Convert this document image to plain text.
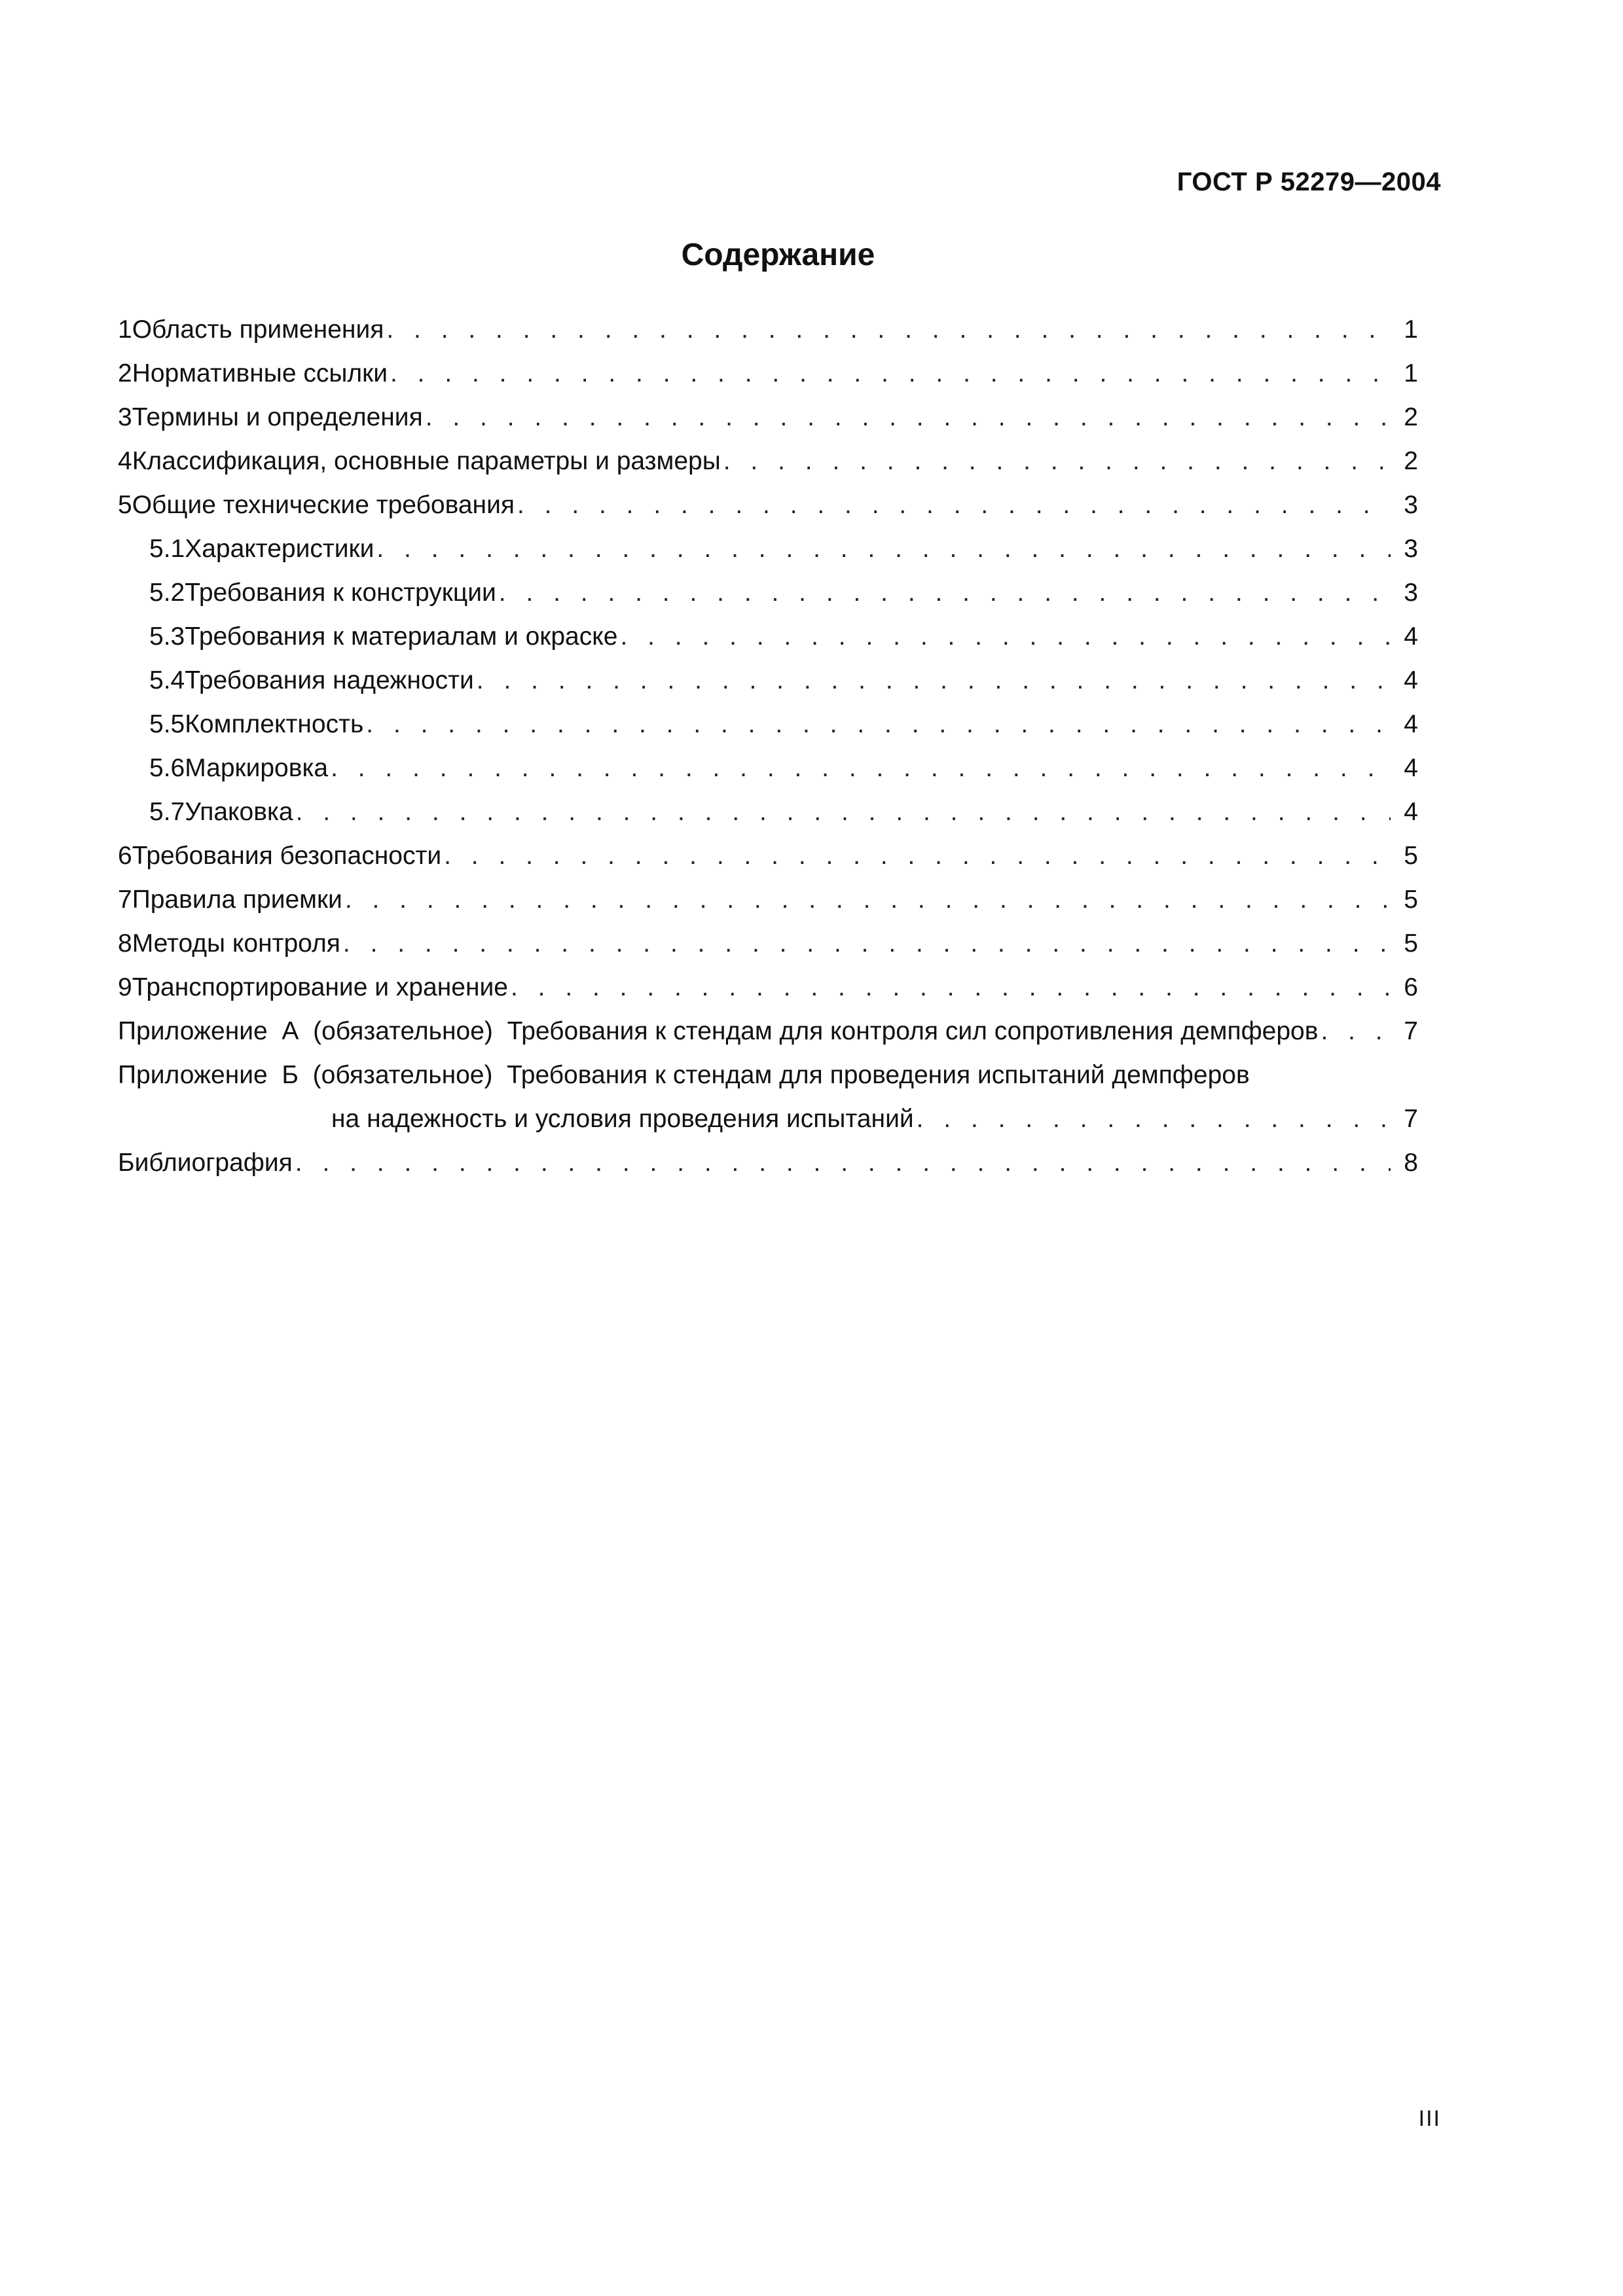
ГОСТ Р 52279—2004
Содержание
1 Область применения . . .	1
2 Нормативные ссылки . . .	1
3 Термины и определения . . .	2
4 Классификация, основные параметры и размеры . . .	2
5 Общие технические требования . . .	3
5.1 Характеристики . . .	3
5.2 Требования к конструкции . . .	3
5.3 Требования к материалам и окраске . . .	4
5.4 Требования надежности . . .	4
5.5 Комплектность . . .	4
5.6 Маркировка . . .	4
5.7 Упаковка . . .	4
6 Требования безопасности . . .	5
7 Правила приемки . . .	5
8 Методы контроля . . .	5
9 Транспортирование и хранение . . .	6
Приложение  А  (обязательное) Требования к стендам для контроля сил сопротивления демпферов . . .	7
Приложение  Б  (обязательное) Требования к стендам для проведения испытаний демпферов
на надежность и условия проведения испытаний . . .	7
Библиография . . .	8
III
